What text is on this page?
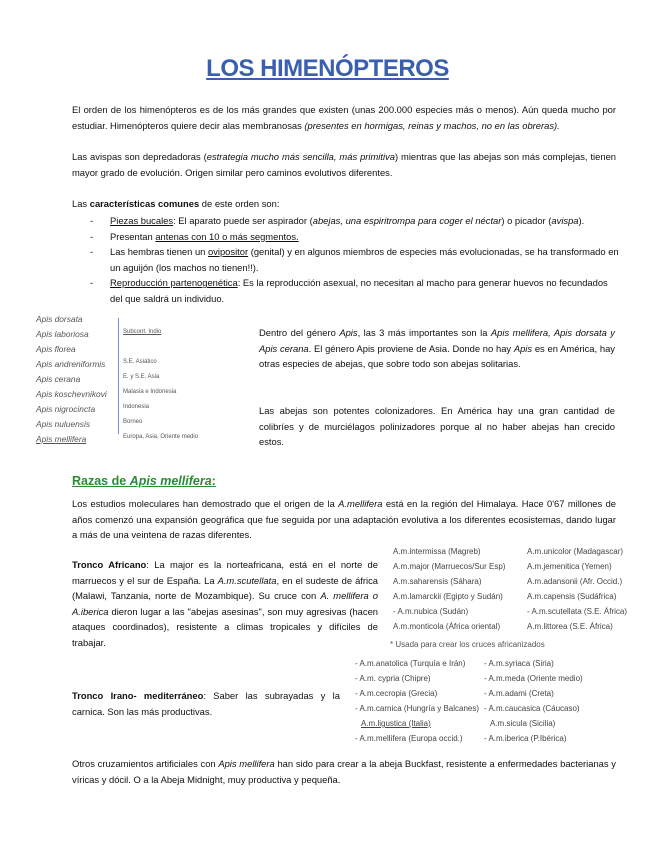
LOS HIMENÓPTEROS
El orden de los himenópteros es de los más grandes que existen (unas 200.000 especies más o menos). Aún queda mucho por estudiar. Himenópteros quiere decir alas membranosas (presentes en hormigas, reinas y machos, no en las obreras).
Las avispas son depredadoras (estrategia mucho más sencilla, más primitiva) mientras que las abejas son más complejas, tienen mayor grado de evolución. Origen similar pero caminos evolutivos diferentes.
Las características comunes de este orden son:
- Piezas bucales: El aparato puede ser aspirador (abejas, una espiritrompa para coger el néctar) o picador (avispa).
- Presentan antenas con 10 o más segmentos.
- Las hembras tienen un ovipositor (genital) y en algunos miembros de especies más evolucionadas, se ha transformado en un aguijón (los machos no tienen!!).
- Reproducción partenogenética: Es la reproducción asexual, no necesitan al macho para generar huevos no fecundados del que saldrá un individuo.
Apis dorsata
Apis laboriosa
Apis florea
Apis andreniformis
Apis cerana
Apis koschevnikovi
Apis nigrocincta
Apis nuluensis
Apis mellifera
Subcont. Indio
S.E. Asiático
E. y S.E. Asia
Malasia e Indonesia
Indonesia
Borneo
Europa, Asia, Oriente medio
Dentro del género Apis, las 3 más importantes son la Apis mellifera, Apis dorsata y Apis cerana. El género Apis proviene de Asia. Donde no hay Apis es en América, hay otras especies de abejas, que sobre todo son abejas solitarias.
Las abejas son potentes colonizadores. En América hay una gran cantidad de colibríes y de murciélagos polinizadores porque al no haber abejas han crecido estos.
Razas de Apis mellifera:
Los estudios moleculares han demostrado que el origen de la A.mellifera está en la región del Himalaya. Hace 0'67 millones de años comenzó una expansión geográfica que fue seguida por una adaptación evolutiva a los diferentes ecosistemas, dando lugar a más de una veintena de razas diferentes.
Tronco Africano: La major es la norteafricana, está en el norte de marruecos y el sur de España. La A.m.scutellata, en el sudeste de áfrica (Malawi, Tanzania, norte de Mozambique). Su cruce con A. mellifera o A.iberica dieron lugar a las "abejas asesinas", son muy agresivas (hacen ataques coordinados), resistente a climas tropicales y difíciles de trabajar.
A.m.intermissa (Magreb)
A.m.major (Marruecos/Sur Esp)
A.m.saharensis (Sáhara)
A.m.lamarckii (Egipto y Sudán)
- A.m.nubica (Sudán)
A.m.monticola (África oriental)
A.m.unicolor (Madagascar)
A.m.jemenitica (Yemen)
A.m.adansonii (Afr. Occid.)
A.m.capensis (Sudáfrica)
- A.m.scutellata (S.E. África)
A.m.littorea (S.E. África)
* Usada para crear los cruces africanizados
- A.m.anatolica (Turquía e Irán)
- A.m. cypria (Chipre)
- A.m.cecropia (Grecia)
- A.m.carnica (Hungría y Balcanes)
A.m.ligustica (Italia)
- A.m.mellifera (Europa occid.)
- A.m.syriaca (Siria)
- A.m.meda (Oriente medio)
- A.m.adami (Creta)
- A.m.caucasica (Cáucaso)
A.m.sicula (Sicilia)
- A.m.iberica (P.Ibérica)
Tronco Irano- mediterráneo: Saber las subrayadas y la carnica. Son las más productivas.
Otros cruzamientos artificiales con Apis mellifera han sido para crear a la abeja Buckfast, resistente a enfermedades bacterianas y víricas y dócil. O a la Abeja Midnight, muy productiva y pequeña.
